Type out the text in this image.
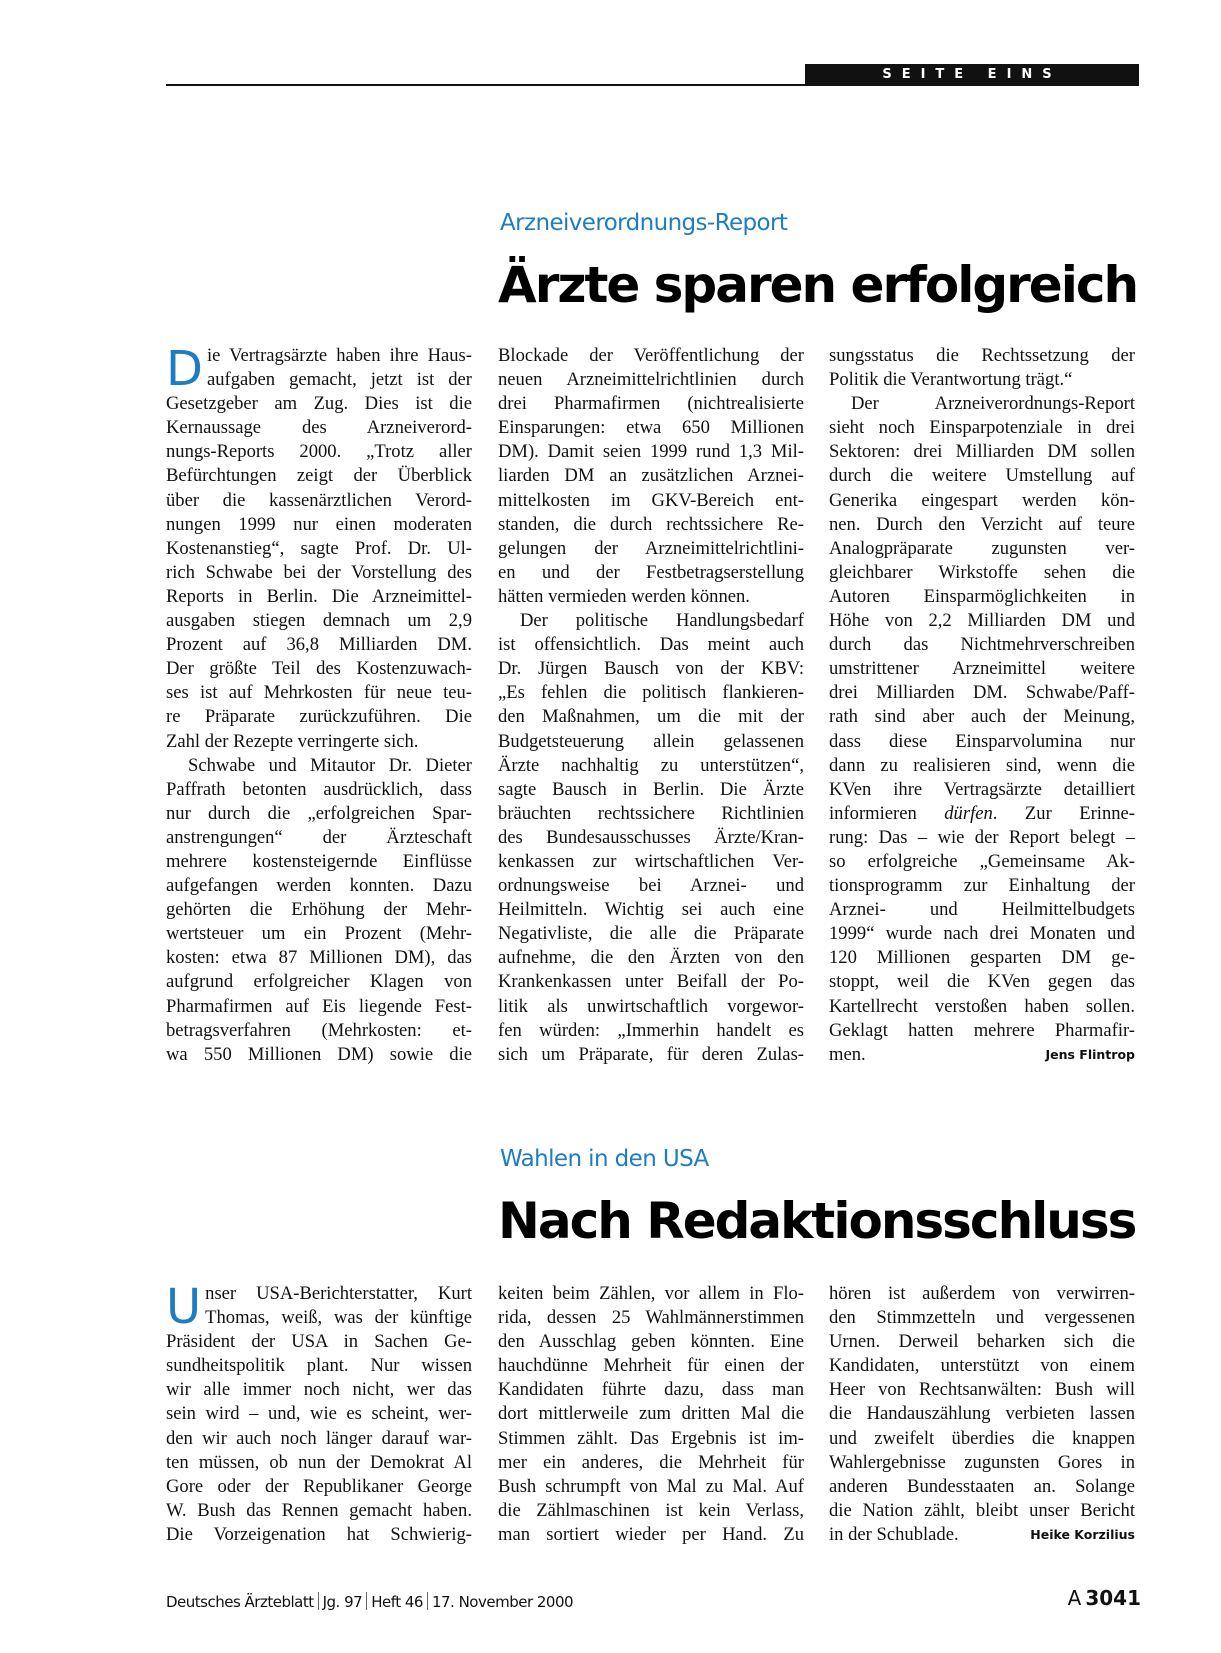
SEITE EINS
Arzneiverordnungs-Report
Ärzte sparen erfolgreich
D ie Vertragsärzte haben ihre Haus-
aufgaben gemacht, jetzt ist der
Gesetzgeber am Zug. Dies ist die
Kernaussage des Arzneiverord-
nungs-Reports 2000. „Trotz aller
Befürchtungen zeigt der Überblick
über die kassenärztlichen Verord-
nungen 1999 nur einen moderaten
Kostenanstieg“, sagte Prof. Dr. Ul-
rich Schwabe bei der Vorstellung des
Reports in Berlin. Die Arzneimittel-
ausgaben stiegen demnach um 2,9
Prozent auf 36,8 Milliarden DM.
Der größte Teil des Kostenzuwach-
ses ist auf Mehrkosten für neue teu-
re Präparate zurückzuführen. Die
Zahl der Rezepte verringerte sich.
Schwabe und Mitautor Dr. Dieter
Paffrath betonten ausdrücklich, dass
nur durch die „erfolgreichen Spar-
anstrengungen“ der Ärzteschaft
mehrere kostensteigernde Einflüsse
aufgefangen werden konnten. Dazu
gehörten die Erhöhung der Mehr-
wertsteuer um ein Prozent (Mehr-
kosten: etwa 87 Millionen DM), das
aufgrund erfolgreicher Klagen von
Pharmafirmen auf Eis liegende Fest-
betragsverfahren (Mehrkosten: et-
wa 550 Millionen DM) sowie die
Blockade der Veröffentlichung der
neuen Arzneimittelrichtlinien durch
drei Pharmafirmen (nichtrealisierte
Einsparungen: etwa 650 Millionen
DM). Damit seien 1999 rund 1,3 Mil-
liarden DM an zusätzlichen Arznei-
mittelkosten im GKV-Bereich ent-
standen, die durch rechtssichere Re-
gelungen der Arzneimittelrichtlini-
en und der Festbetragserstellung
hätten vermieden werden können.
Der politische Handlungsbedarf
ist offensichtlich. Das meint auch
Dr. Jürgen Bausch von der KBV:
„Es fehlen die politisch flankieren-
den Maßnahmen, um die mit der
Budgetsteuerung allein gelassenen
Ärzte nachhaltig zu unterstützen“,
sagte Bausch in Berlin. Die Ärzte
bräuchten rechtssichere Richtlinien
des Bundesausschusses Ärzte/Kran-
kenkassen zur wirtschaftlichen Ver-
ordnungsweise bei Arznei- und
Heilmitteln. Wichtig sei auch eine
Negativliste, die alle die Präparate
aufnehme, die den Ärzten von den
Krankenkassen unter Beifall der Po-
litik als unwirtschaftlich vorgewor-
fen würden: „Immerhin handelt es
sich um Präparate, für deren Zulas-
sungsstatus die Rechtssetzung der
Politik die Verantwortung trägt.“
Der Arzneiverordnungs-Report
sieht noch Einsparpotenziale in drei
Sektoren: drei Milliarden DM sollen
durch die weitere Umstellung auf
Generika eingespart werden kön-
nen. Durch den Verzicht auf teure
Analogpräparate zugunsten ver-
gleichbarer Wirkstoffe sehen die
Autoren Einsparmöglichkeiten in
Höhe von 2,2 Milliarden DM und
durch das Nichtmehrverschreiben
umstrittener Arzneimittel weitere
drei Milliarden DM. Schwabe/Paff-
rath sind aber auch der Meinung,
dass diese Einsparvolumina nur
dann zu realisieren sind, wenn die
KVen ihre Vertragsärzte detailliert
informieren dürfen. Zur Erinne-
rung: Das – wie der Report belegt –
so erfolgreiche „Gemeinsame Ak-
tionsprogramm zur Einhaltung der
Arznei- und Heilmittelbudgets
1999“ wurde nach drei Monaten und
120 Millionen gesparten DM ge-
stoppt, weil die KVen gegen das
Kartellrecht verstoßen haben sollen.
Geklagt hatten mehrere Pharmafir-
men.	Jens Flintrop
Wahlen in den USA
Nach Redaktionsschluss
U nser USA-Berichterstatter, Kurt
Thomas, weiß, was der künftige
Präsident der USA in Sachen Ge-
sundheitspolitik plant. Nur wissen
wir alle immer noch nicht, wer das
sein wird – und, wie es scheint, wer-
den wir auch noch länger darauf war-
ten müssen, ob nun der Demokrat Al
Gore oder der Republikaner George
W. Bush das Rennen gemacht haben.
Die Vorzeigenation hat Schwierig-
keiten beim Zählen, vor allem in Flo-
rida, dessen 25 Wahlmännerstimmen
den Ausschlag geben könnten. Eine
hauchdünne Mehrheit für einen der
Kandidaten führte dazu, dass man
dort mittlerweile zum dritten Mal die
Stimmen zählt. Das Ergebnis ist im-
mer ein anderes, die Mehrheit für
Bush schrumpft von Mal zu Mal. Auf
die Zählmaschinen ist kein Verlass,
man sortiert wieder per Hand. Zu
hören ist außerdem von verwirren-
den Stimmzetteln und vergessenen
Urnen. Derweil beharken sich die
Kandidaten, unterstützt von einem
Heer von Rechtsanwälten: Bush will
die Handauszählung verbieten lassen
und zweifelt überdies die knappen
Wahlergebnisse zugunsten Gores in
anderen Bundesstaaten an. Solange
die Nation zählt, bleibt unser Bericht
in der Schublade.	Heike Korzilius
Deutsches Ärzteblatt Jg. 97 Heft 46 17. November 2000	A  3041
